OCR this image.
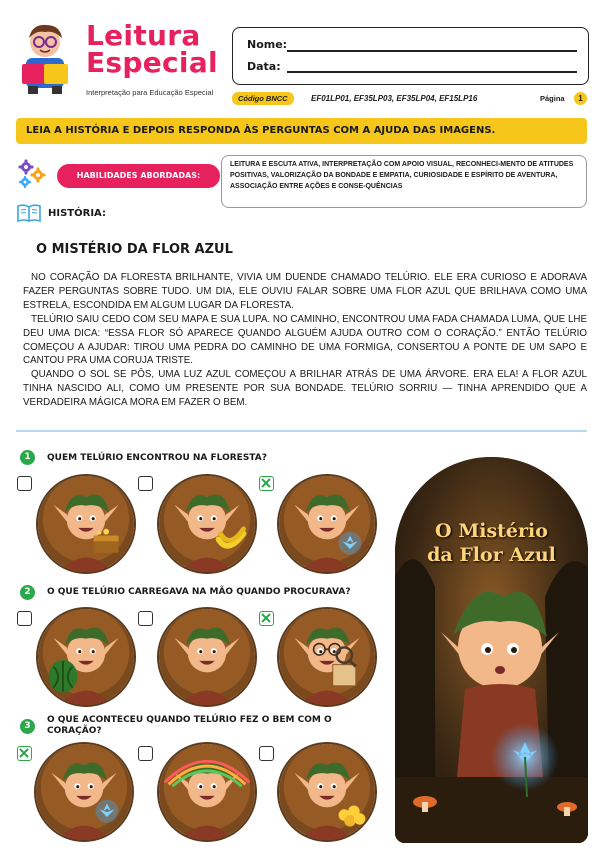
Leitura
Especial
Interpretação para Educação Especial
Nome:
Data:
Código BNCC	EF01LP01, EF35LP03, EF35LP04, EF15LP16	Página	1
LEIA A HISTÓRIA E DEPOIS RESPONDA ÀS PERGUNTAS COM A AJUDA DAS IMAGENS.
HABILIDADES ABORDADAS:
LEITURA E ESCUTA ATIVA, INTERPRETAÇÃO COM APOIO VISUAL, RECONHECI-MENTO DE ATITUDES POSITIVAS, VALORIZAÇÃO DA BONDADE E EMPATIA, CURIOSIDADE E ESPÍRITO DE AVENTURA, ASSOCIAÇÃO ENTRE AÇÕES E CONSE-QUÊNCIAS
HISTÓRIA:
O MISTÉRIO DA FLOR AZUL

NO CORAÇÃO DA FLORESTA BRILHANTE, VIVIA UM DUENDE CHAMADO TELÚRIO. ELE ERA CURIOSO E ADORAVA FAZER PERGUNTAS SOBRE TUDO. UM DIA, ELE OUVIU FALAR SOBRE UMA FLOR AZUL QUE BRILHAVA COMO UMA ESTRELA, ESCONDIDA EM ALGUM LUGAR DA FLORESTA.

TELÚRIO SAIU CEDO COM SEU MAPA E SUA LUPA. NO CAMINHO, ENCONTROU UMA FADA CHAMADA LUMA, QUE LHE DEU UMA DICA: “ESSA FLOR SÓ APARECE QUANDO ALGUÉM AJUDA OUTRO COM O CORAÇÃO.” ENTÃO TELÚRIO COMEÇOU A AJUDAR: TIROU UMA PEDRA DO CAMINHO DE UMA FORMIGA, CONSERTOU A PONTE DE UM SAPO E CANTOU PRA UMA CORUJA TRISTE.

QUANDO O SOL SE PÔS, UMA LUZ AZUL COMEÇOU A BRILHAR ATRÁS DE UMA ÁRVORE. ERA ELA! A FLOR AZUL TINHA NASCIDO ALI, COMO UM PRESENTE POR SUA BONDADE. TELÚRIO SORRIU — TINHA APRENDIDO QUE A VERDADEIRA MÁGICA MORA EM FAZER O BEM.

1	QUEM TELÚRIO ENCONTROU NA FLORESTA?
2	O QUE TELÚRIO CARREGAVA NA MÃO QUANDO PROCURAVA?
3
O QUE ACONTECEU QUANDO TELÚRIO FEZ O BEM COM O CORAÇÃO?
O Mistério
da Flor Azul
